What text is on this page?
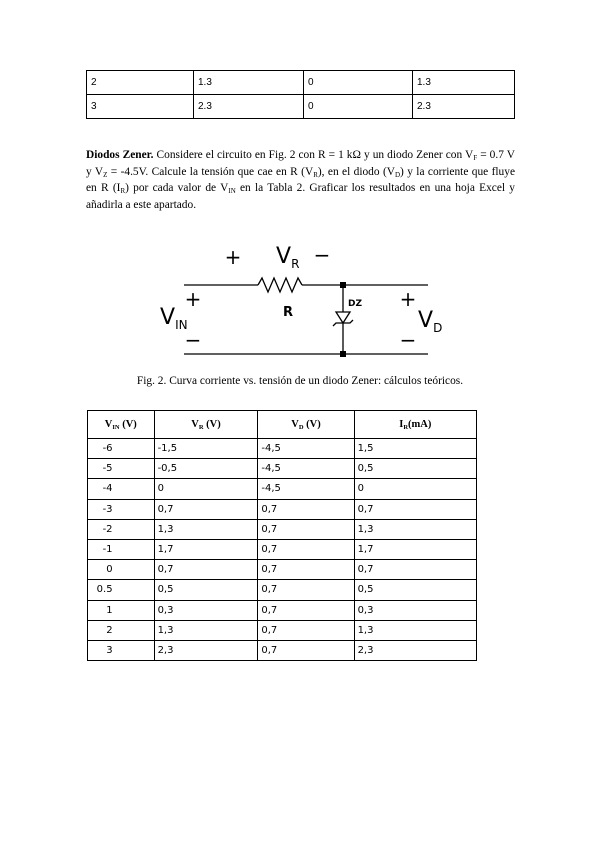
2	1.3	0	1.3
3	2.3	0	2.3
Diodos Zener. Considere el circuito en Fig. 2 con R = 1 kΩ y un diodo Zener con $V_F = 0.7$ V y $V_Z = -4.5V$. Calcule la tensión que cae en R $(V_R)$, en el diodo $(V_D)$ y la corriente que fluye en R $(I_R)$ por cada valor de $V_{IN}$ en la Tabla 2. Graficar los resultados en una hoja Excel y añadirla a este apartado.
+ $V_R$ −
R
DZ
+
$V_{IN}$
−
+
$V_D$
−
Fig. 2. Curva corriente vs. tensión de un diodo Zener: cálculos teóricos.
$V_{IN}$ (V)	$V_R$ (V)	$V_D$ (V)	$I_R(mA)$
-6	-1,5	-4,5	1,5
-5	-0,5	-4,5	0,5
-4	0	-4,5	0
-3	0,7	0,7	0,7
-2	1,3	0,7	1,3
-1	1,7	0,7	1,7
0	0,7	0,7	0,7
0.5	0,5	0,7	0,5
1	0,3	0,7	0,3
2	1,3	0,7	1,3
3	2,3	0,7	2,3
